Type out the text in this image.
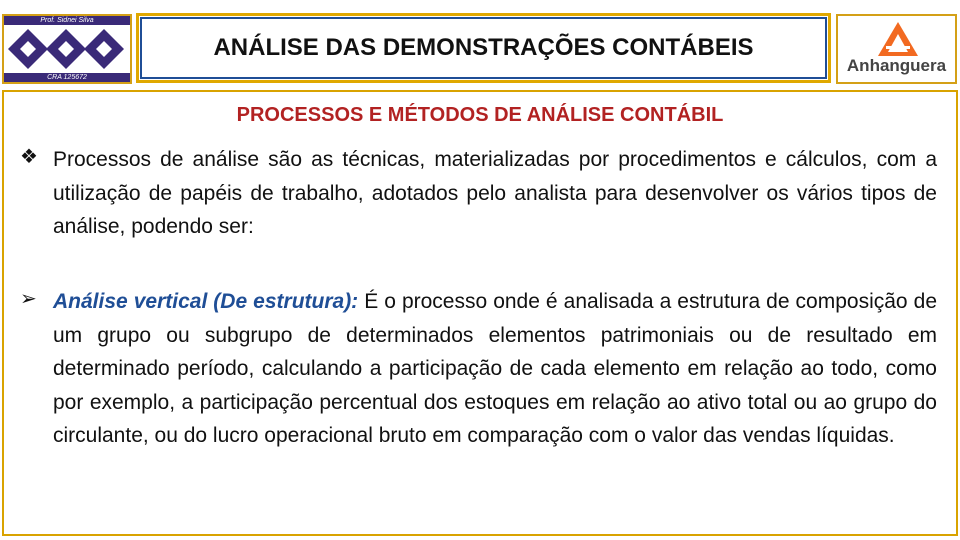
Prof. Sidnei Silva
CRA 125672
ANÁLISE DAS DEMONSTRAÇÕES CONTÁBEIS
Anhanguera
PROCESSOS E MÉTODOS DE ANÁLISE CONTÁBIL
❖ Processos de análise são as técnicas, materializadas por procedimentos e cálculos, com a utilização de papéis de trabalho, adotados pelo analista para desenvolver os vários tipos de análise, podendo ser:
➢ Análise vertical (De estrutura): É o processo onde é analisada a estrutura de composição de um grupo ou subgrupo de determinados elementos patrimoniais ou de resultado em determinado período, calculando a participação de cada elemento em relação ao todo, como por exemplo, a participação percentual dos estoques em relação ao ativo total ou ao grupo do circulante, ou do lucro operacional bruto em comparação com o valor das vendas líquidas.
